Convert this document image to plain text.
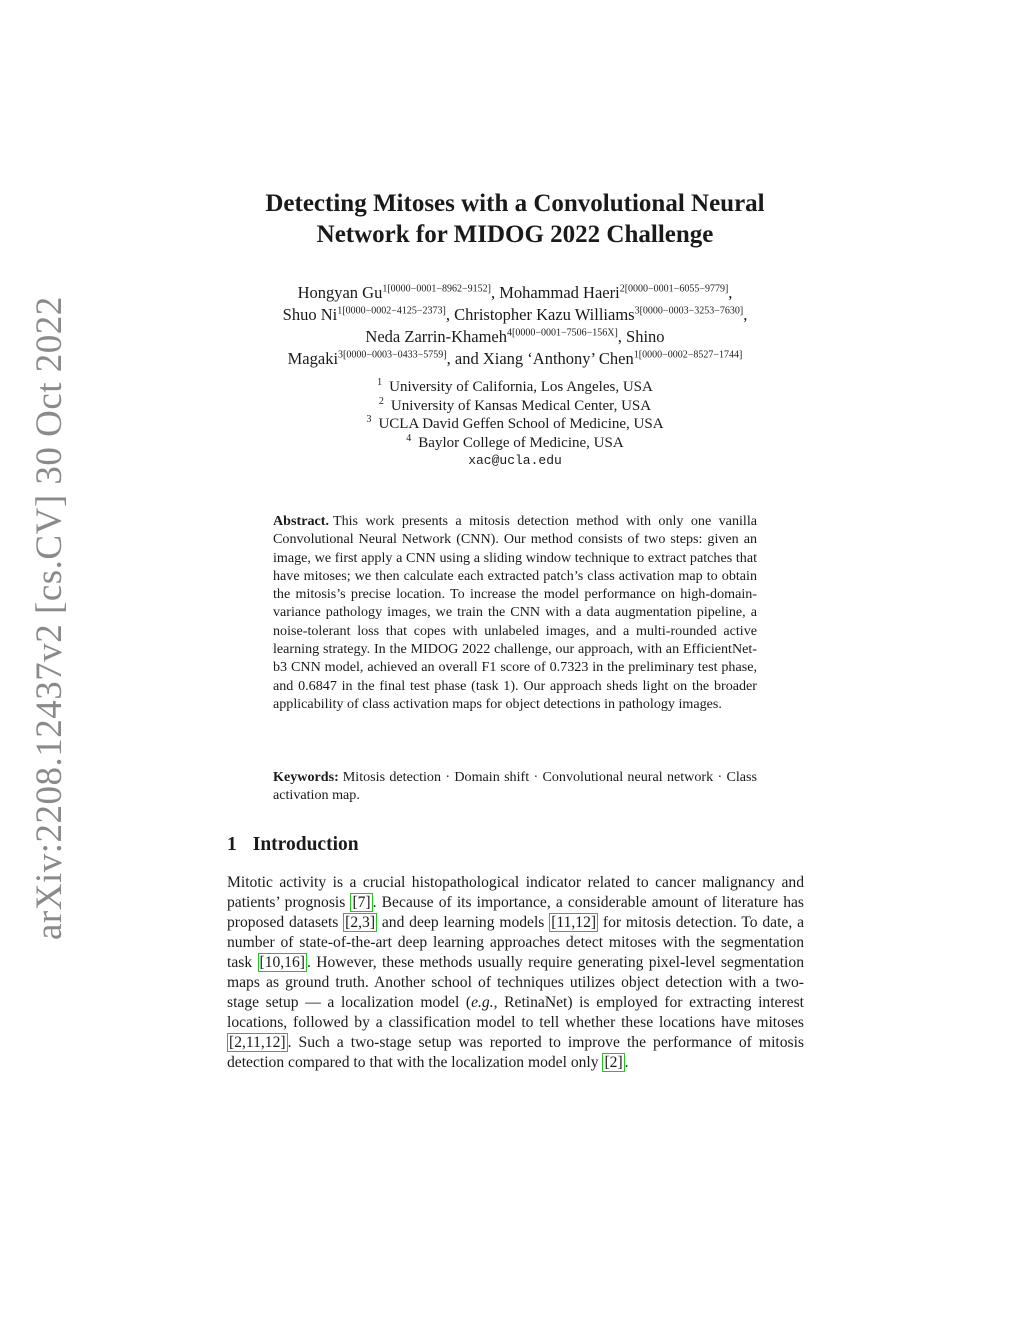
arXiv:2208.12437v2 [cs.CV] 30 Oct 2022
Detecting Mitoses with a Convolutional Neural
Network for MIDOG 2022 Challenge
Hongyan $Gu^{1[0000-0001-8962-9152]}$, Mohammad Haeri$^{2[0000-0001-6055-9779]}$,
Shuo $Ni^{1[0000-0002-4125-2373]}$, Christopher Kazu Williams$^{3[0000-0003-3253-7630]}$,
Neda Zarrin-Khameh$^{4[0000-0001-7506-156X]}$, Shino
Magaki$^{3[0000-0003-0433-5759]}$, and Xiang ‘Anthony’ Chen$^{1[0000-0002-8527-1744]}$
$^1$ University of California, Los Angeles, USA
$^2$ University of Kansas Medical Center, USA
$^3$ UCLA David Geffen School of Medicine, USA
$^4$ Baylor College of Medicine, USA
xac@ucla.edu
Abstract. This work presents a mitosis detection method with only one vanilla Convolutional Neural Network (CNN). Our method consists of two steps: given an image, we first apply a CNN using a sliding window technique to extract patches that have mitoses; we then calculate each extracted patch’s class activation map to obtain the mitosis’s precise location. To increase the model performance on high-domain-variance pathology images, we train the CNN with a data augmentation pipeline, a noise-tolerant loss that copes with unlabeled images, and a multi-rounded active learning strategy. In the MIDOG 2022 challenge, our approach, with an EfficientNet-b3 CNN model, achieved an overall F1 score of 0.7323 in the preliminary test phase, and 0.6847 in the final test phase (task 1). Our approach sheds light on the broader applicability of class activation maps for object detections in pathology images.
Keywords: Mitosis detection · Domain shift · Convolutional neural network · Class activation map.
1 Introduction
Mitotic activity is a crucial histopathological indicator related to cancer malignancy and patients’ prognosis [7] . Because of its importance, a considerable amount of literature has proposed datasets [2,3] and deep learning models [11,12] for mitosis detection. To date, a number of state-of-the-art deep learning approaches detect mitoses with the segmentation task [10,16] . However, these methods usually require generating pixel-level segmentation maps as ground truth. Another school of techniques utilizes object detection with a two-stage setup — a localization model (e.g., RetinaNet) is employed for extracting interest locations, followed by a classification model to tell whether these locations have mitoses [2,11,12] . Such a two-stage setup was reported to improve the performance of mitosis detection compared to that with the localization model only [2] .
